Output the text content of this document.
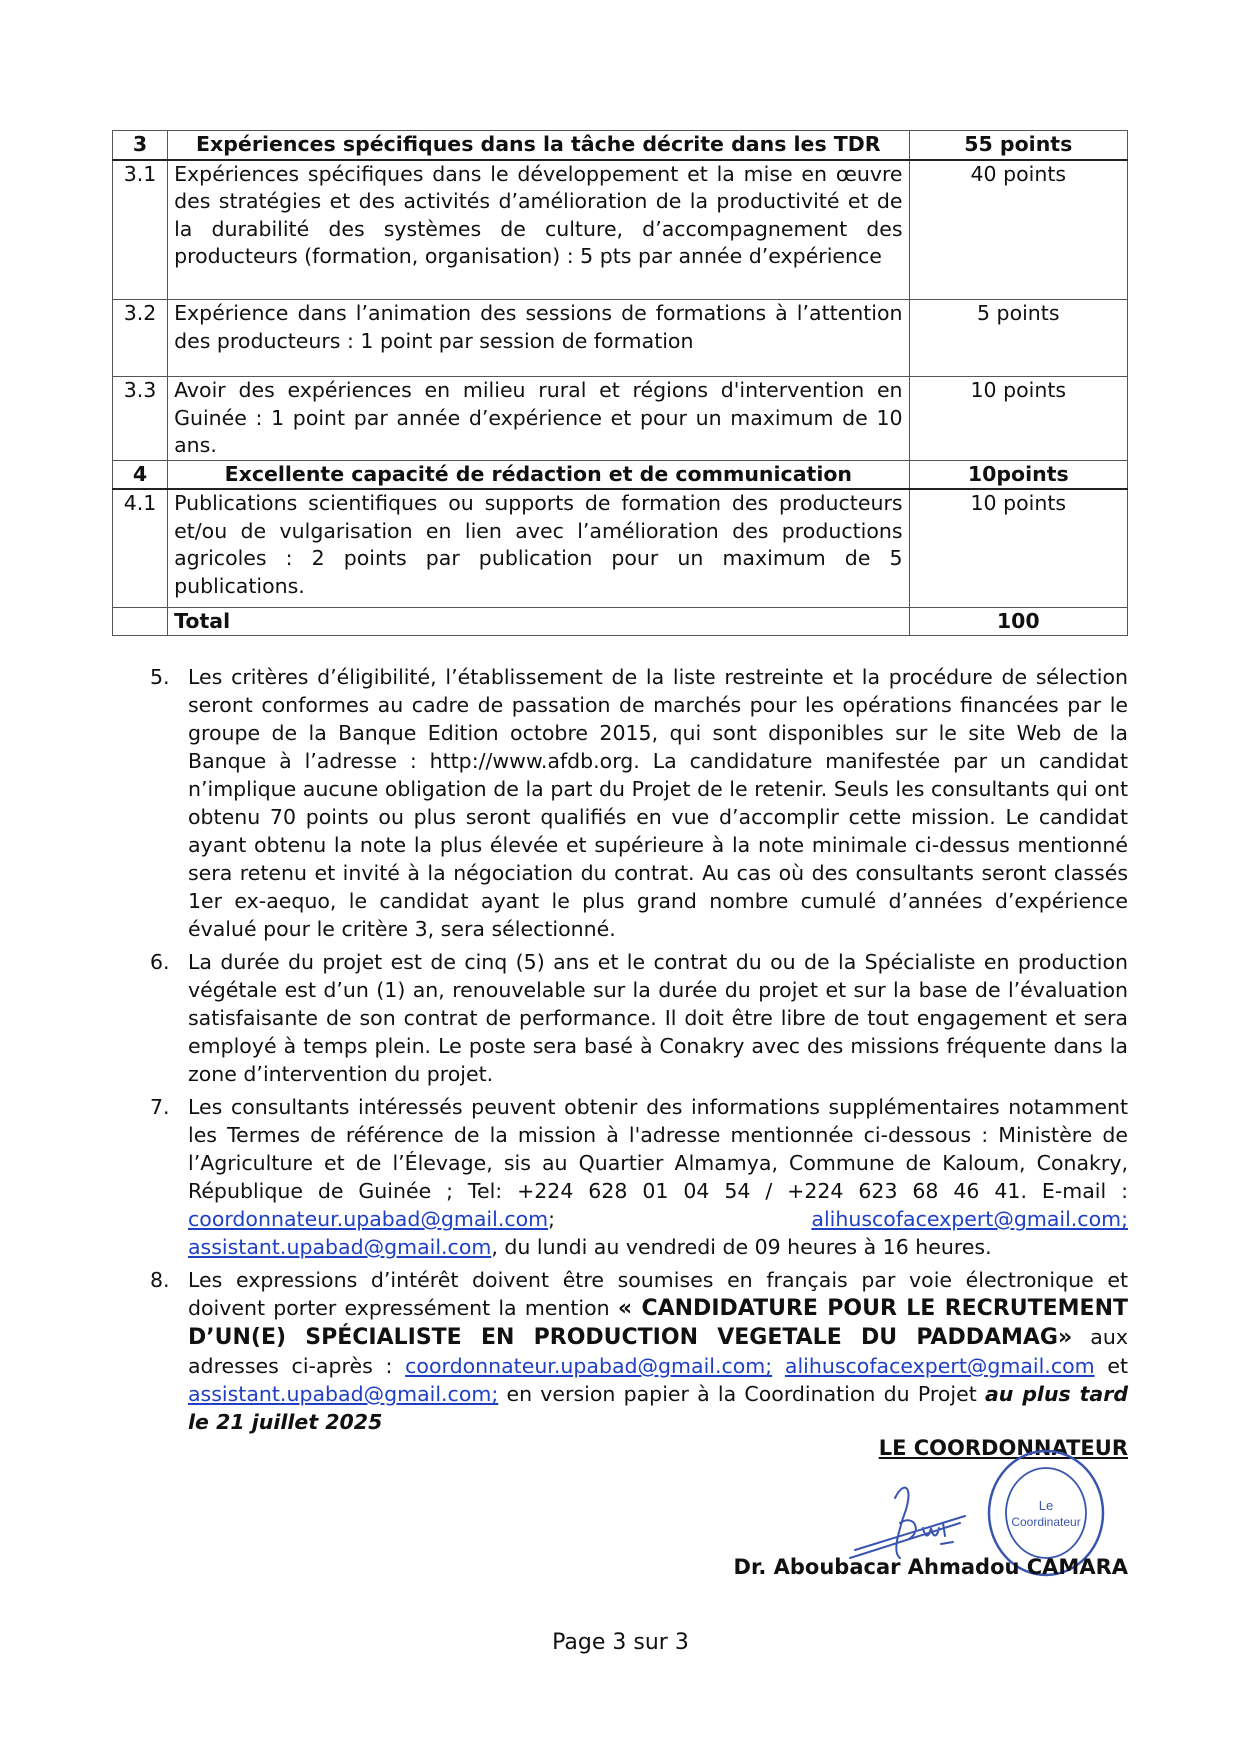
3	Expériences spécifiques dans la tâche décrite dans les TDR	55 points
3.1	Expériences spécifiques dans le développement et la mise en œuvre des stratégies et des activités d’amélioration de la productivité et de la durabilité des systèmes de culture, d’accompagnement des producteurs (formation, organisation) : 5 pts par année d’expérience	40 points
3.2	Expérience dans l’animation des sessions de formations à l’attention des producteurs : 1 point par session de formation	5 points
3.3	Avoir des expériences en milieu rural et régions d'intervention en Guinée : 1 point par année d’expérience et pour un maximum de 10 ans.	10 points
4	Excellente capacité de rédaction et de communication	10points
4.1	Publications scientifiques ou supports de formation des producteurs et/ou de vulgarisation en lien avec l’amélioration des productions agricoles : 2 points par publication pour un maximum de 5 publications.	10 points
	Total	100
5. Les critères d’éligibilité, l’établissement de la liste restreinte et la procédure de sélection seront conformes au cadre de passation de marchés pour les opérations financées par le groupe de la Banque Edition octobre 2015, qui sont disponibles sur le site Web de la Banque à l’adresse : http://www.afdb.org. La candidature manifestée par un candidat n’implique aucune obligation de la part du Projet de le retenir. Seuls les consultants qui ont obtenu 70 points ou plus seront qualifiés en vue d’accomplir cette mission. Le candidat ayant obtenu la note la plus élevée et supérieure à la note minimale ci-dessus mentionné sera retenu et invité à la négociation du contrat. Au cas où des consultants seront classés 1er ex-aequo, le candidat ayant le plus grand nombre cumulé d’années d’expérience évalué pour le critère 3, sera sélectionné.
6. La durée du projet est de cinq (5) ans et le contrat du ou de la Spécialiste en production végétale est d’un (1) an, renouvelable sur la durée du projet et sur la base de l’évaluation satisfaisante de son contrat de performance. Il doit être libre de tout engagement et sera employé à temps plein. Le poste sera basé à Conakry avec des missions fréquente dans la zone d’intervention du projet.
7. Les consultants intéressés peuvent obtenir des informations supplémentaires notamment les Termes de référence de la mission à l'adresse mentionnée ci-dessous : Ministère de l’Agriculture et de l’Élevage, sis au Quartier Almamya, Commune de Kaloum, Conakry, République de Guinée ; Tel: +224 628 01 04 54 / +224 623 68 46 41. E-mail : coordonnateur.upabad@gmail.com;	alihuscofacexpert@gmail.com; assistant.upabad@gmail.com, du lundi au vendredi de 09 heures à 16 heures.
8. Les expressions d’intérêt doivent être soumises en français par voie électronique et doivent porter expressément la mention « CANDIDATURE POUR LE RECRUTEMENT D’UN(E) SPÉCIALISTE EN PRODUCTION VEGETALE DU PADDAMAG» aux adresses ci-après : coordonnateur.upabad@gmail.com; alihuscofacexpert@gmail.com et assistant.upabad@gmail.com; en version papier à la Coordination du Projet au plus tard le 21 juillet 2025
LE COORDONNATEUR
Le
Coordinateur
Dr. Aboubacar Ahmadou CAMARA
Page 3 sur 3
